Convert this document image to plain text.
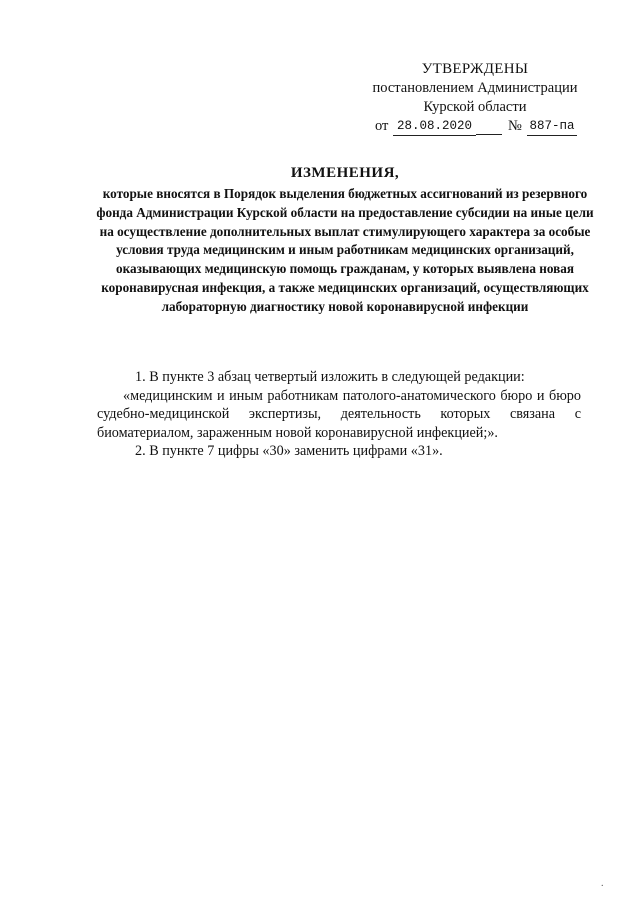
УТВЕРЖДЕНЫ
постановлением Администрации
Курской области
от 28.08.2020 № 887-па
ИЗМЕНЕНИЯ,
которые вносятся в Порядок выделения бюджетных ассигнований из резервного фонда Администрации Курской области на предоставление субсидии на иные цели на осуществление дополнительных выплат стимулирующего характера за особые условия труда медицинским и иным работникам медицинских организаций, оказывающих медицинскую помощь гражданам, у которых выявлена новая коронавирусная инфекция, а также медицинских организаций, осуществляющих лабораторную диагностику новой коронавирусной инфекции

1. В пункте 3 абзац четвертый изложить в следующей редакции:

«медицинским и иным работникам патолого-анатомического бюро и бюро судебно-медицинской экспертизы, деятельность которых связана с биоматериалом, зараженным новой коронавирусной инфекцией;».

2. В пункте 7 цифры «30» заменить цифрами «31».

.
